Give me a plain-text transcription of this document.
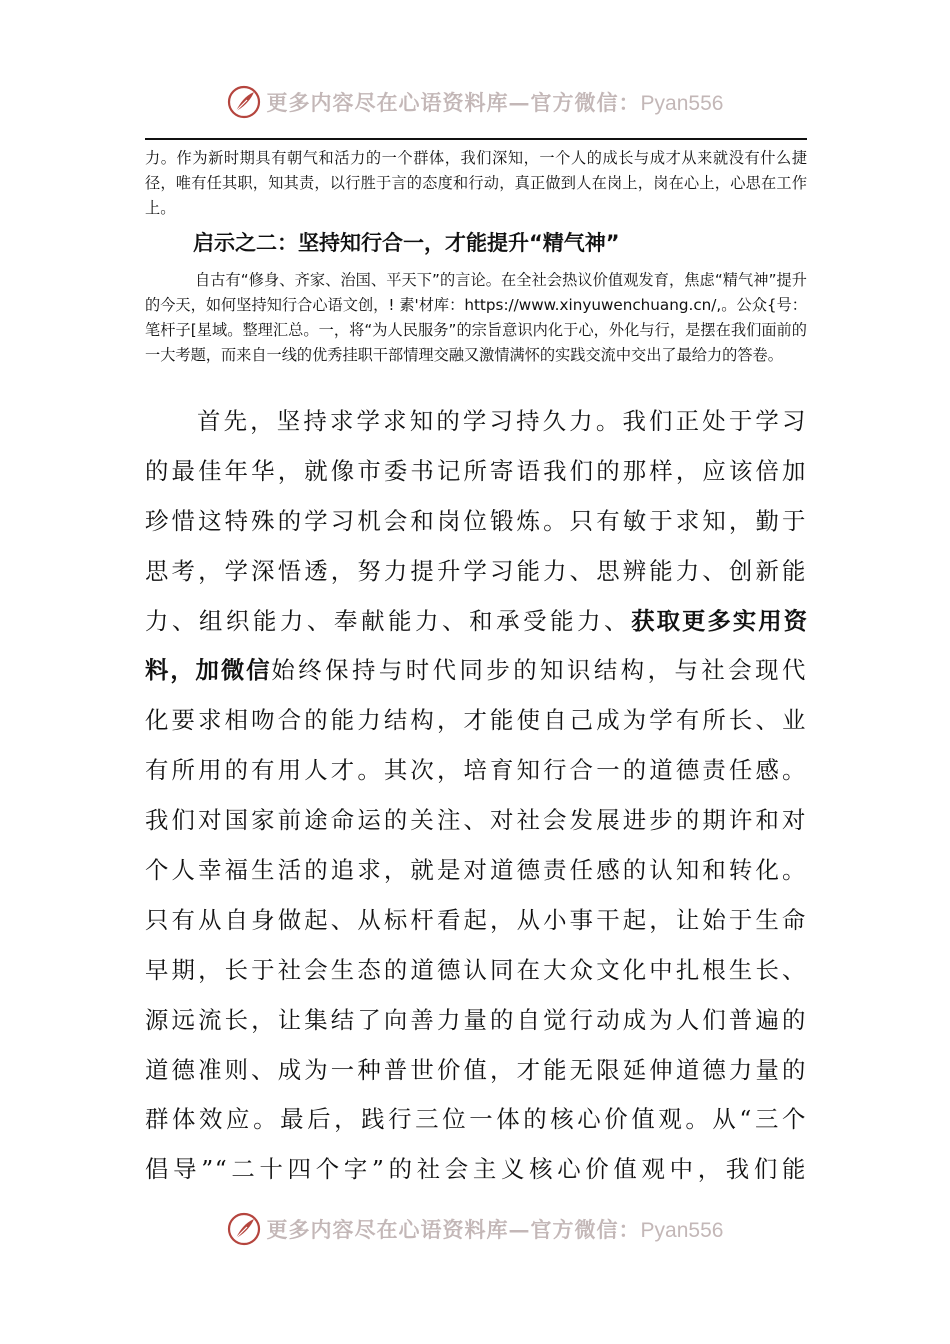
更多内容尽在心语资料库—官方微信：Pyan556

力。作为新时期具有朝气和活力的一个群体，我们深知，一个人的成长与成才从来就没有什么捷径，唯有任其职，知其责，以行胜于言的态度和行动，真正做到人在岗上，岗在心上，心思在工作上。

启示之二：坚持知行合一，才能提升“精气神”

自古有“修身、齐家、治国、平天下”的言论。在全社会热议价值观发育，焦虑“精气神”提升的今天，如何坚持知行合心语文创，! 素'材库：https://www.xinyuwenchuang.cn/,。公众{号：笔杆子[星域。整理汇总。一，将“为人民服务”的宗旨意识内化于心，外化与行，是摆在我们面前的一大考题，而来自一线的优秀挂职干部情理交融又激情满怀的实践交流中交出了最给力的答卷。

首先，坚持求学求知的学习持久力。我们正处于学习
的最佳年华，就像市委书记所寄语我们的那样，应该倍加
珍惜这特殊的学习机会和岗位锻炼。只有敏于求知，勤于
思考，学深悟透，努力提升学习能力、思辨能力、创新能
力、组织能力、奉献能力、和承受能力、获取更多实用资
料，加微信始终保持与时代同步的知识结构，与社会现代
化要求相吻合的能力结构，才能使自己成为学有所长、业
有所用的有用人才。其次，培育知行合一的道德责任感。
我们对国家前途命运的关注、对社会发展进步的期许和对
个人幸福生活的追求，就是对道德责任感的认知和转化。
只有从自身做起、从标杆看起，从小事干起，让始于生命
早期，长于社会生态的道德认同在大众文化中扎根生长、
源远流长，让集结了向善力量的自觉行动成为人们普遍的
道德准则、成为一种普世价值，才能无限延伸道德力量的
群体效应。最后，践行三位一体的核心价值观。从“三个
倡导”“二十四个字”的社会主义核心价值观中，我们能
更多内容尽在心语资料库—官方微信：Pyan556
